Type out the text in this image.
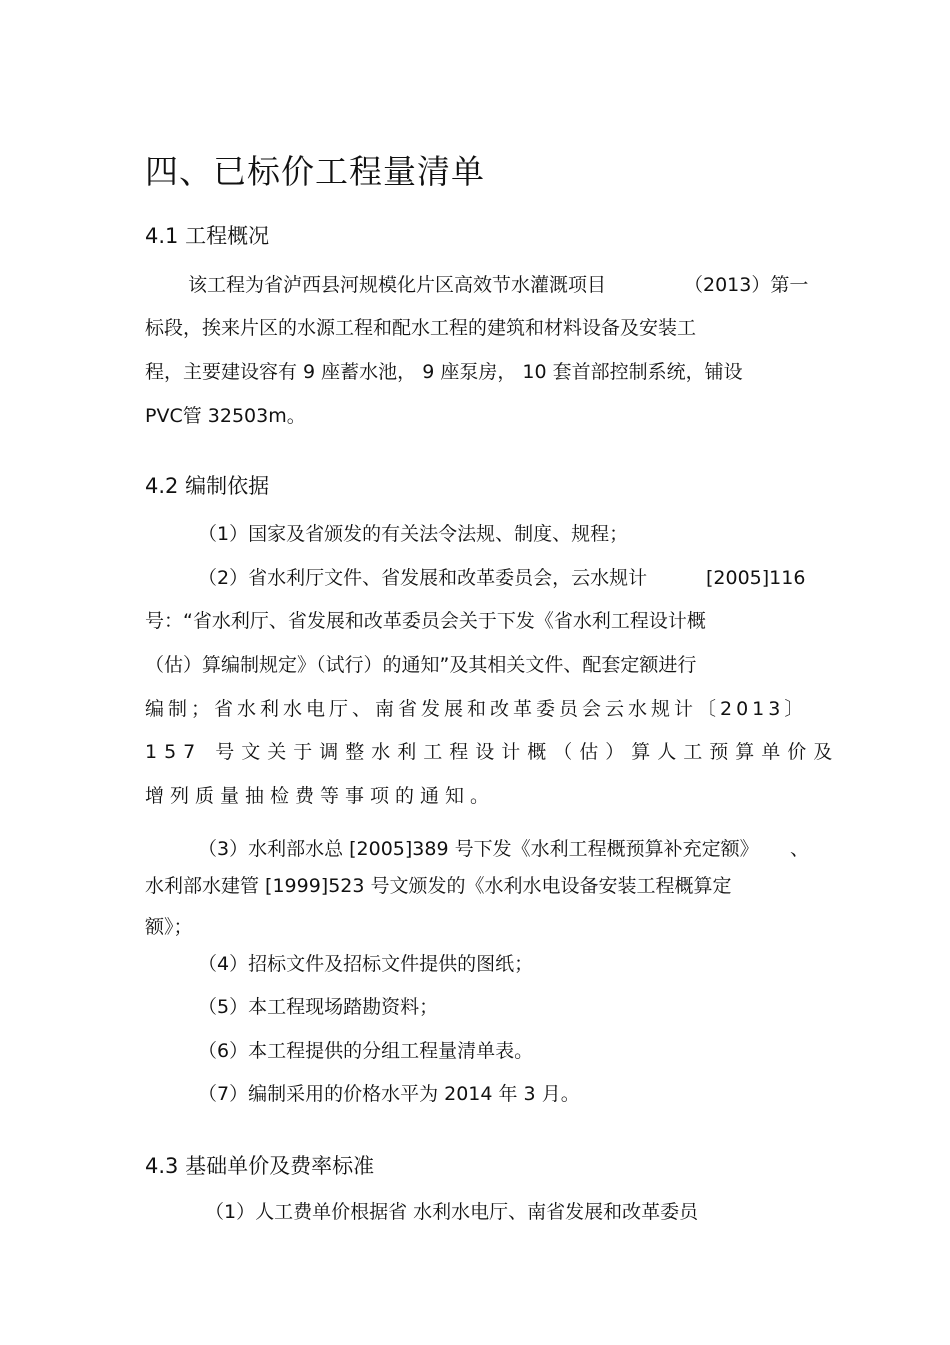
四、已标价工程量清单
4.1 工程概况
该工程为省泸西县河规模化片区高效节水灌溉项目	（2013）第一
标段，挨来片区的水源工程和配水工程的建筑和材料设备及安装工
程，主要建设容有 9 座蓄水池， 9 座泵房， 10 套首部控制系统，铺设
PVC管 32503m。
4.2 编制依据
（1）国家及省颁发的有关法令法规、制度、规程；
（2）省水利厅文件、省发展和改革委员会，云水规计	[2005]116
号：“省水利厅、省发展和改革委员会关于下发《省水利工程设计概
（估）算编制规定》（试行）的通知”及其相关文件、配套定额进行
编制；省水利水电厅、南省发展和改革委员会云水规计〔2013〕
157 号文关于调整水利工程设计概（估）算人工预算单价及
增列质量抽检费等事项的通知。
（3）水利部水总 [2005]389 号下发《水利工程概预算补充定额》 、
水利部水建管 [1999]523 号文颁发的《水利水电设备安装工程概算定
额》；
（4）招标文件及招标文件提供的图纸；
（5）本工程现场踏勘资料；
（6）本工程提供的分组工程量清单表。
（7）编制采用的价格水平为 2014 年 3 月。
4.3 基础单价及费率标准
（1）人工费单价根据省 水利水电厅、南省发展和改革委员
